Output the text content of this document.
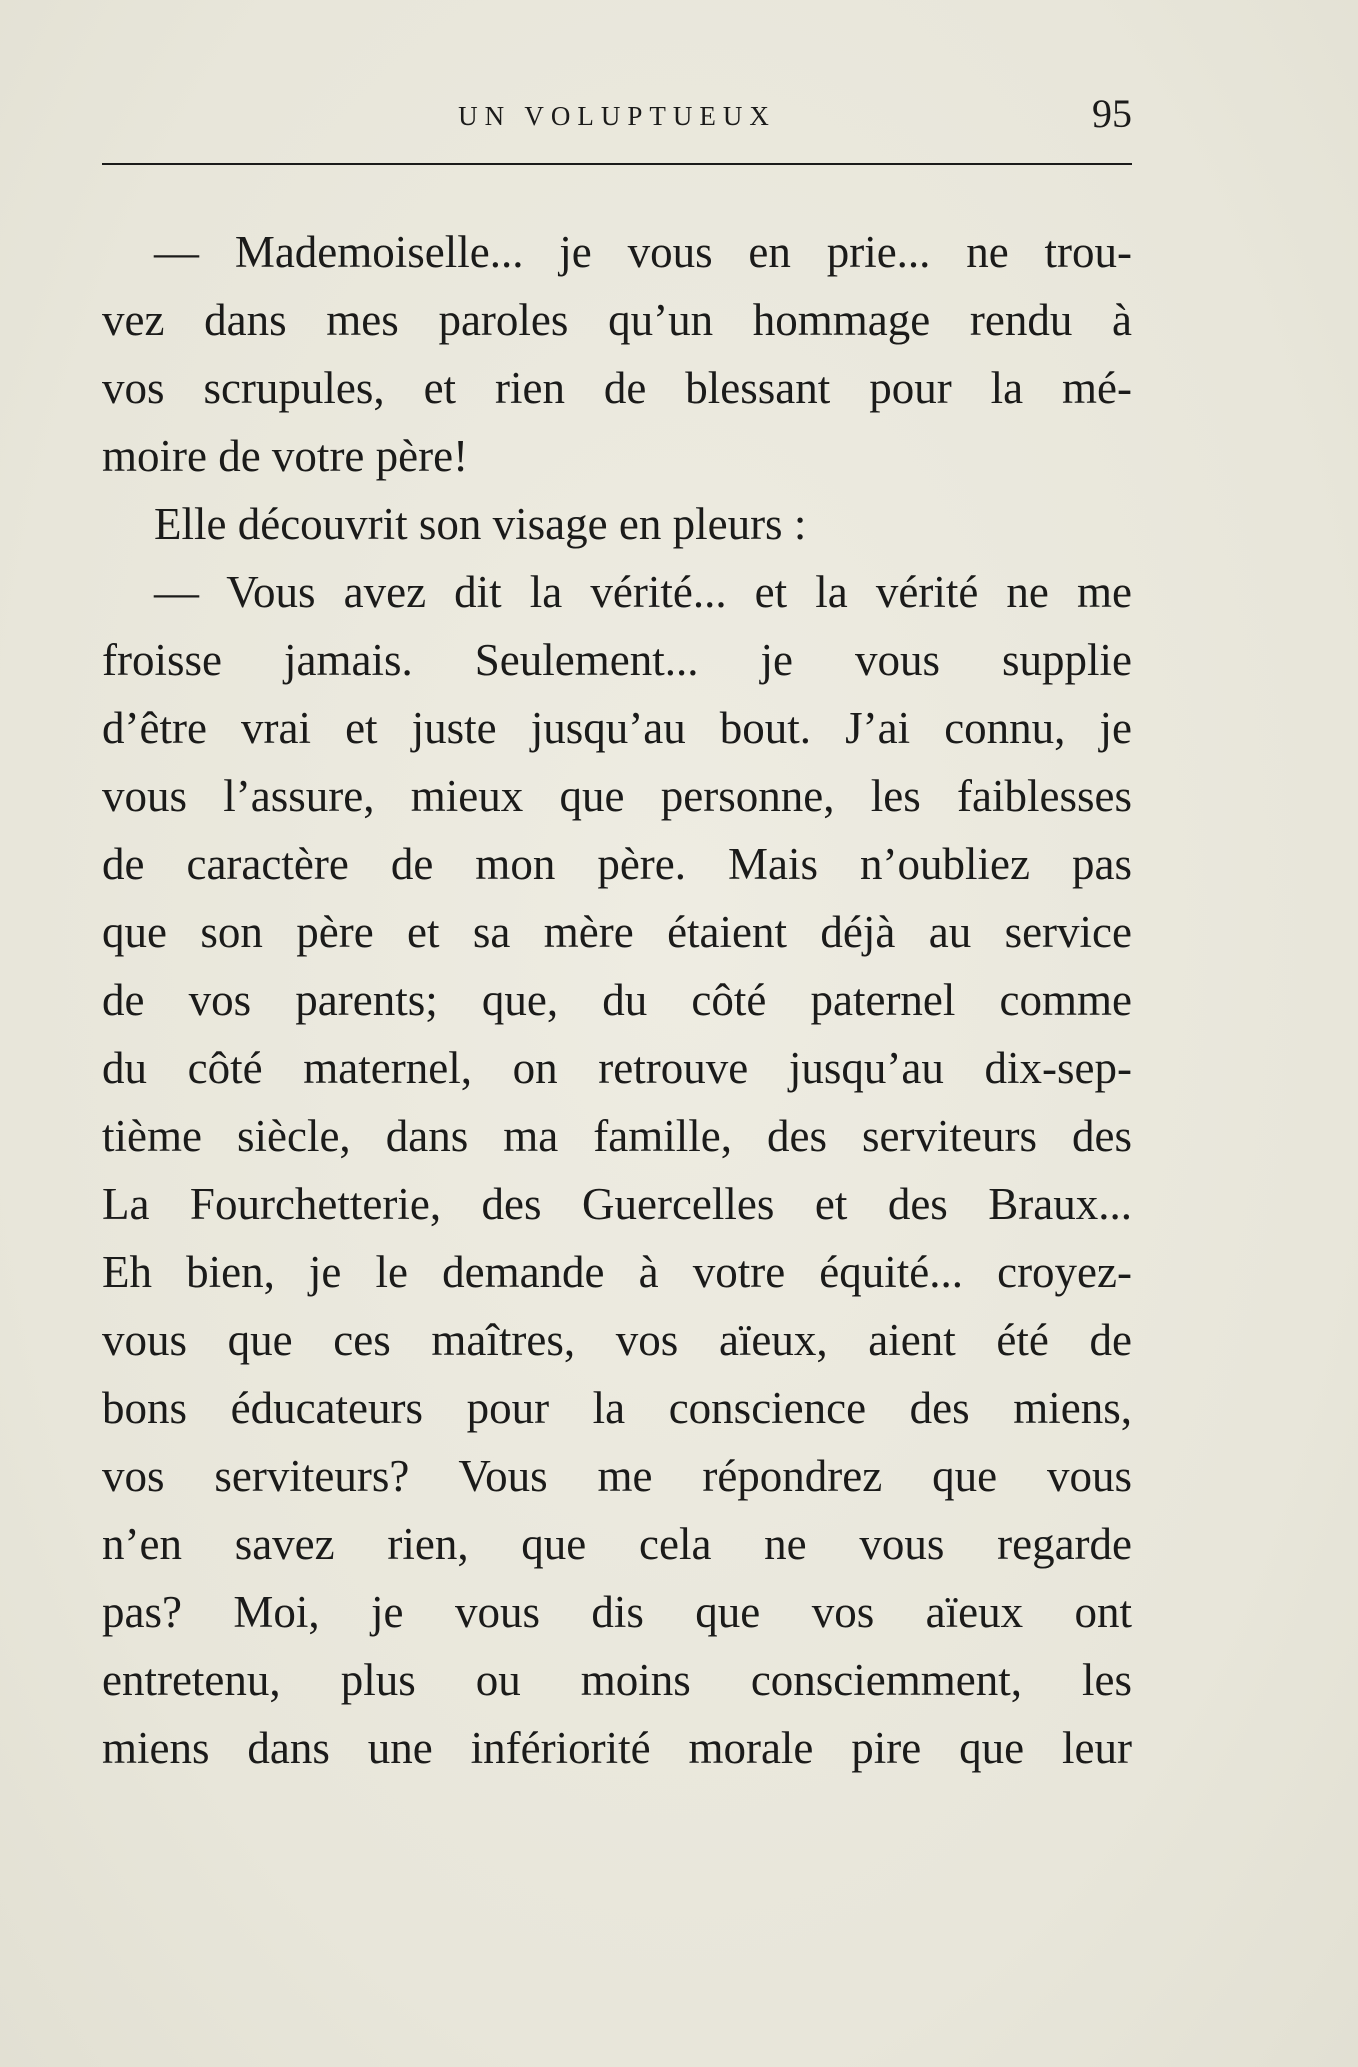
UN VOLUPTUEUX	95
— Mademoiselle... je vous en prie... ne trou-
vez dans mes paroles qu’un hommage rendu à
vos scrupules, et rien de blessant pour la mé-
moire de votre père!
Elle découvrit son visage en pleurs :
— Vous avez dit la vérité... et la vérité ne me
froisse jamais. Seulement... je vous supplie
d’être vrai et juste jusqu’au bout. J’ai connu, je
vous l’assure, mieux que personne, les faiblesses
de caractère de mon père. Mais n’oubliez pas
que son père et sa mère étaient déjà au service
de vos parents; que, du côté paternel comme
du côté maternel, on retrouve jusqu’au dix-sep-
tième siècle, dans ma famille, des serviteurs des
La Fourchetterie, des Guercelles et des Braux...
Eh bien, je le demande à votre équité... croyez-
vous que ces maîtres, vos aïeux, aient été de
bons éducateurs pour la conscience des miens,
vos serviteurs? Vous me répondrez que vous
n’en savez rien, que cela ne vous regarde
pas? Moi, je vous dis que vos aïeux ont
entretenu, plus ou moins consciemment, les
miens dans une infériorité morale pire que leur
